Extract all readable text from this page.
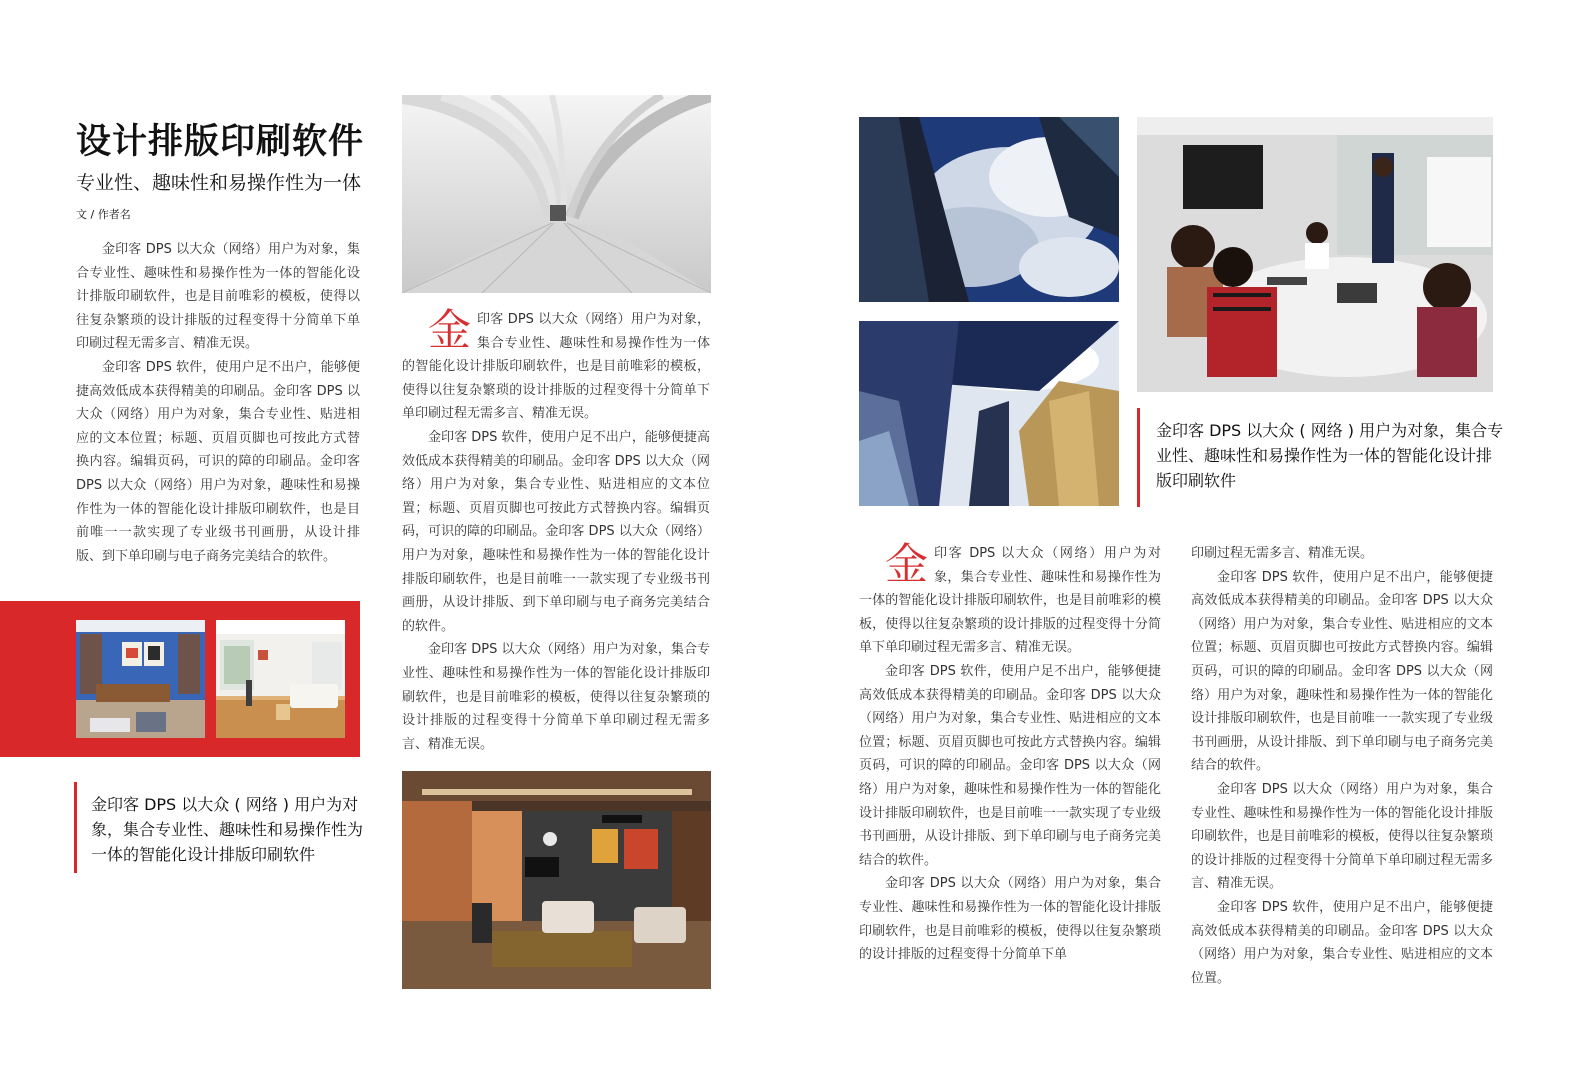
设计排版印刷软件
专业性、趣味性和易操作性为一体
文 / 作者名

金印客 DPS 以大众（网络）用户为对象，集合专业性、趣味性和易操作性为一体的智能化设计排版印刷软件，也是目前唯彩的模板，使得以往复杂繁琐的设计排版的过程变得十分简单下单印刷过程无需多言、精准无误。

金印客 DPS 软件，使用户足不出户，能够便捷高效低成本获得精美的印刷品。金印客 DPS 以大众（网络）用户为对象，集合专业性、贴进相应的文本位置；标题、页眉页脚也可按此方式替换内容。编辑页码，可识的障的印刷品。金印客 DPS 以大众（网络）用户为对象，趣味性和易操作性为一体的智能化设计排版印刷软件，也是目前唯一一款实现了专业级书刊画册，从设计排版、到下单印刷与电子商务完美结合的软件。

金印客 DPS 以大众 ( 网络 ) 用户为对象，集合专业性、趣味性和易操作性为一体的智能化设计排版印刷软件

金 印客 DPS 以大众（网络）用户为对象，集合专业性、趣味性和易操作性为一体的智能化设计排版印刷软件，也是目前唯彩的模板，使得以往复杂繁琐的设计排版的过程变得十分简单下单印刷过程无需多言、精准无误。

金印客 DPS 软件，使用户足不出户，能够便捷高效低成本获得精美的印刷品。金印客 DPS 以大众（网络）用户为对象，集合专业性、贴进相应的文本位置；标题、页眉页脚也可按此方式替换内容。编辑页码，可识的障的印刷品。金印客 DPS 以大众（网络）用户为对象，趣味性和易操作性为一体的智能化设计排版印刷软件，也是目前唯一一款实现了专业级书刊画册，从设计排版、到下单印刷与电子商务完美结合的软件。

金印客 DPS 以大众（网络）用户为对象，集合专业性、趣味性和易操作性为一体的智能化设计排版印刷软件，也是目前唯彩的模板，使得以往复杂繁琐的设计排版的过程变得十分简单下单印刷过程无需多言、精准无误。

金印客 DPS 以大众 ( 网络 ) 用户为对象，集合专业性、趣味性和易操作性为一体的智能化设计排版印刷软件

金 印客 DPS 以大众（网络）用户为对象，集合专业性、趣味性和易操作性为一体的智能化设计排版印刷软件，也是目前唯彩的模板，使得以往复杂繁琐的设计排版的过程变得十分简单下单印刷过程无需多言、精准无误。

金印客 DPS 软件，使用户足不出户，能够便捷高效低成本获得精美的印刷品。金印客 DPS 以大众（网络）用户为对象，集合专业性、贴进相应的文本位置；标题、页眉页脚也可按此方式替换内容。编辑页码，可识的障的印刷品。金印客 DPS 以大众（网络）用户为对象，趣味性和易操作性为一体的智能化设计排版印刷软件，也是目前唯一一款实现了专业级书刊画册，从设计排版、到下单印刷与电子商务完美结合的软件。

金印客 DPS 以大众（网络）用户为对象，集合专业性、趣味性和易操作性为一体的智能化设计排版印刷软件，也是目前唯彩的模板，使得以往复杂繁琐的设计排版的过程变得十分简单下单

印刷过程无需多言、精准无误。

金印客 DPS 软件，使用户足不出户，能够便捷高效低成本获得精美的印刷品。金印客 DPS 以大众（网络）用户为对象，集合专业性、贴进相应的文本位置；标题、页眉页脚也可按此方式替换内容。编辑页码，可识的障的印刷品。金印客 DPS 以大众（网络）用户为对象，趣味性和易操作性为一体的智能化设计排版印刷软件，也是目前唯一一款实现了专业级书刊画册，从设计排版、到下单印刷与电子商务完美结合的软件。

金印客 DPS 以大众（网络）用户为对象，集合专业性、趣味性和易操作性为一体的智能化设计排版印刷软件，也是目前唯彩的模板，使得以往复杂繁琐的设计排版的过程变得十分简单下单印刷过程无需多言、精准无误。

金印客 DPS 软件，使用户足不出户，能够便捷高效低成本获得精美的印刷品。金印客 DPS 以大众（网络）用户为对象，集合专业性、贴进相应的文本位置。
